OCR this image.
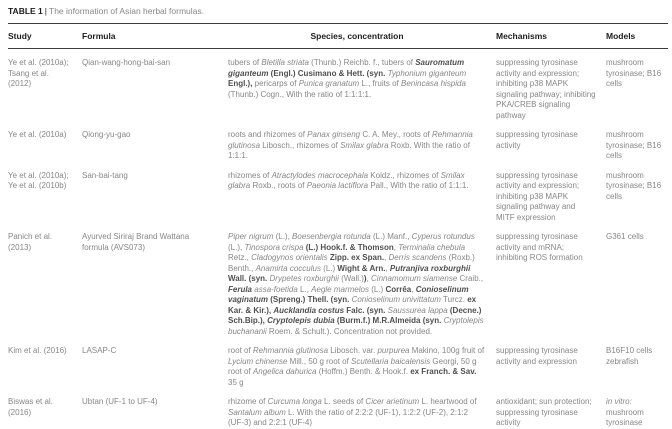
TABLE 1 | The information of Asian herbal formulas.
Study	Formula	Species, concentration	Mechanisms	Models
Ye et al. (2010a); Tsang et al. (2012)	Qian-wang-hong-bai-san	tubers of Bletilla striata (Thunb.) Reichb. f., tubers of Sauromatum giganteum (Engl.) Cusimano & Hett. (syn. Typhonium giganteum Engl.), pericarps of Punica granatum L., fruits of Benincasa hispida (Thunb.) Cogn., With the ratio of 1:1:1:1.	suppressing tyrosinase activity and expression; inhibiting p38 MAPK signaling pathway; inhibiting PKA/CREB signaling pathway	mushroom tyrosinase; B16 cells
Ye et al. (2010a)	Qiong-yu-gao	roots and rhizomes of Panax ginseng C. A. Mey., roots of Rehmannia glutinosa Libosch., rhizomes of Smilax glabra Roxb. With the ratio of 1:1:1.	suppressing tyrosinase activity	mushroom tyrosinase; B16 cells
Ye et al. (2010a); Ye et al. (2010b)	San-bai-tang	rhizomes of Atractylodes macrocephala Koidz., rhizomes of Smilax glabra Roxb., roots of Paeonia lactiflora Pall., With the ratio of 1:1:1.	suppressing tyrosinase activity and expression; inhibiting p38 MAPK signaling pathway and MITF expression	mushroom tyrosinase; B16 cells
Panich et al. (2013)	Ayurved Siriraj Brand Wattana formula (AVS073)	Piper nigrum (L.), Boesenbergia rotunda (L.) Manf., Cyperus rotundus (L.), Tinospora crispa (L.) Hook.f. & Thomson, Terminalia chebula Retz., Cladogynos orientalis Zipp. ex Span., Derris scandens (Roxb.) Benth., Anamirta cocculus (L.) Wight & Arn., Putranjiva roxburghii Wall. (syn. Drypetes roxburghii (Wall.)), Cinnamomum siamense Craib., Ferula assa-foetida L., Aegle marmelos (L.) Corrêa, Conioselinum vaginatum (Spreng.) Thell. (syn. Conioselinum univittatum Turcz. ex Kar. & Kir.), Aucklandia costus Falc. (syn. Saussurea lappa (Decne.) Sch.Bip.), Cryptolepis dubia (Burm.f.) M.R.Almeida (syn. Cryptolepis buchananii Roem. & Schult.). Concentration not provided.	suppressing tyrosinase activity and mRNA; inhibiting ROS formation	G361 cells
Kim et al. (2016)	LASAP-C	root of Rehmannia glutinosa Libosch. var. purpurea Makino, 100g fruit of Lycium chinense Mill., 50 g root of Scutellaria baicalensis Georgi, 50 g root of Angelica dahurica (Hoffm.) Benth. & Hook.f. ex Franch. & Sav. 35 g	suppressing tyrosinase activity and expression	B16F10 cells zebrafish
Biswas et al. (2016)	Ubtan (UF-1 to UF-4)	rhizome of Curcuma longa L. seeds of Cicer arietinum L. heartwood of Santalum album L. With the ratio of 2:2:2 (UF-1), 1:2:2 (UF-2), 2:1:2 (UF-3) and 2:2:1 (UF-4)	antioxidant; sun protection; suppressing tyrosinase activity	in vitro: mushroom tyrosinase
